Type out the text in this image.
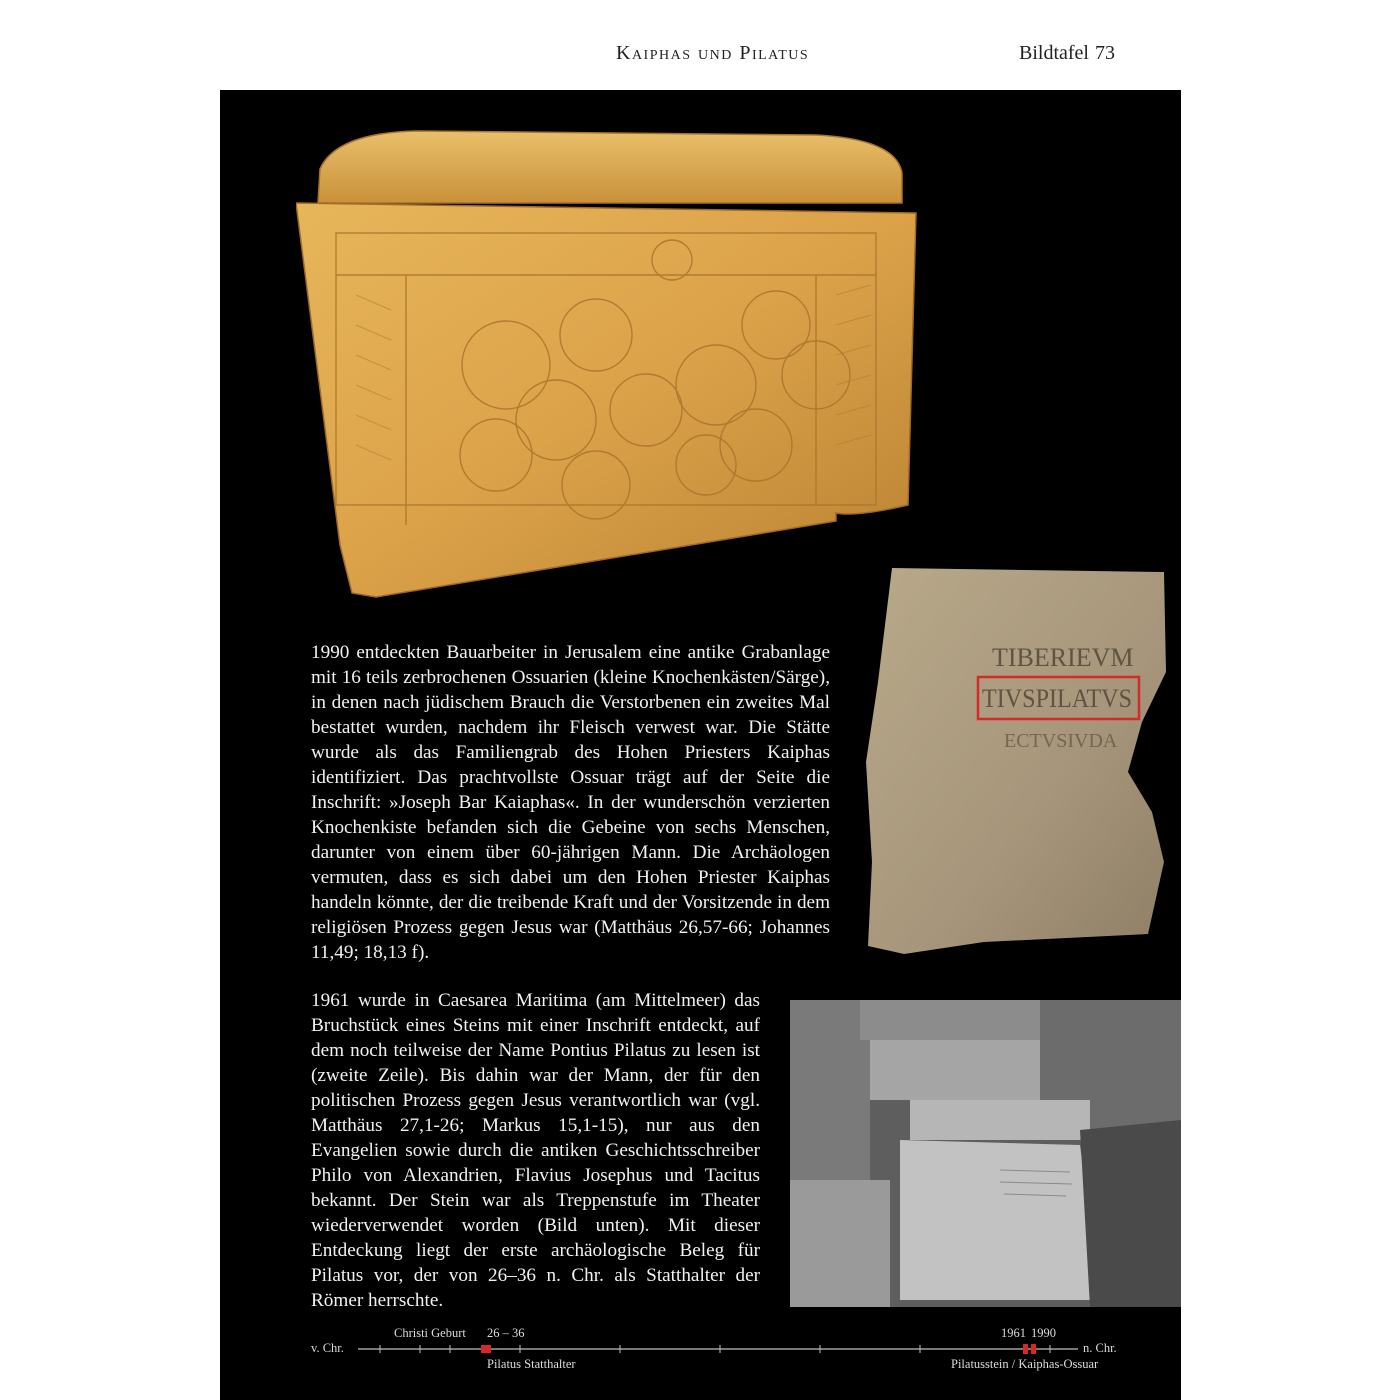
Kaiphas und Pilatus	Bildtafel 73
TIBERIEVM
TIVSPILATVS
ECTVSIVDA

1990 entdeckten Bauarbeiter in Jerusalem eine antike Grabanlage mit 16 teils zerbrochenen Ossuarien (kleine Knochenkästen/Särge), in denen nach jüdischem Brauch die Verstorbenen ein zweites Mal bestattet wurden, nachdem ihr Fleisch verwest war. Die Stätte wurde als das Familiengrab des Hohen Priesters Kaiphas identifiziert. Das prachtvollste Ossuar trägt auf der Seite die Inschrift: »Joseph Bar Kaiaphas«. In der wunderschön verzierten Knochenkiste befanden sich die Gebeine von sechs Menschen, darunter von einem über 60-jährigen Mann. Die Archäologen vermuten, dass es sich dabei um den Hohen Priester Kaiphas handeln könnte, der die treibende Kraft und der Vorsitzende in dem religiösen Prozess gegen Jesus war (Matthäus 26,57-66; Johannes 11,49; 18,13 f).

1961 wurde in Caesarea Maritima (am Mittelmeer) das Bruchstück eines Steins mit einer Inschrift entdeckt, auf dem noch teilweise der Name Pontius Pilatus zu lesen ist (zweite Zeile). Bis dahin war der Mann, der für den politischen Prozess gegen Jesus verantwortlich war (vgl. Matthäus 27,1-26; Markus 15,1-15), nur aus den Evangelien sowie durch die antiken Geschichtsschreiber Philo von Alexandrien, Flavius Josephus und Tacitus bekannt. Der Stein war als Treppenstufe im Theater wiederverwendet worden (Bild unten). Mit dieser Entdeckung liegt der erste archäologische Beleg für Pilatus vor, der von 26–36 n. Chr. als Statthalter der Römer herrschte.

v. Chr.	n. Chr.
Christi Geburt 26 – 36	1961 1990
Pilatus Statthalter	Pilatusstein / Kaiphas-Ossuar
